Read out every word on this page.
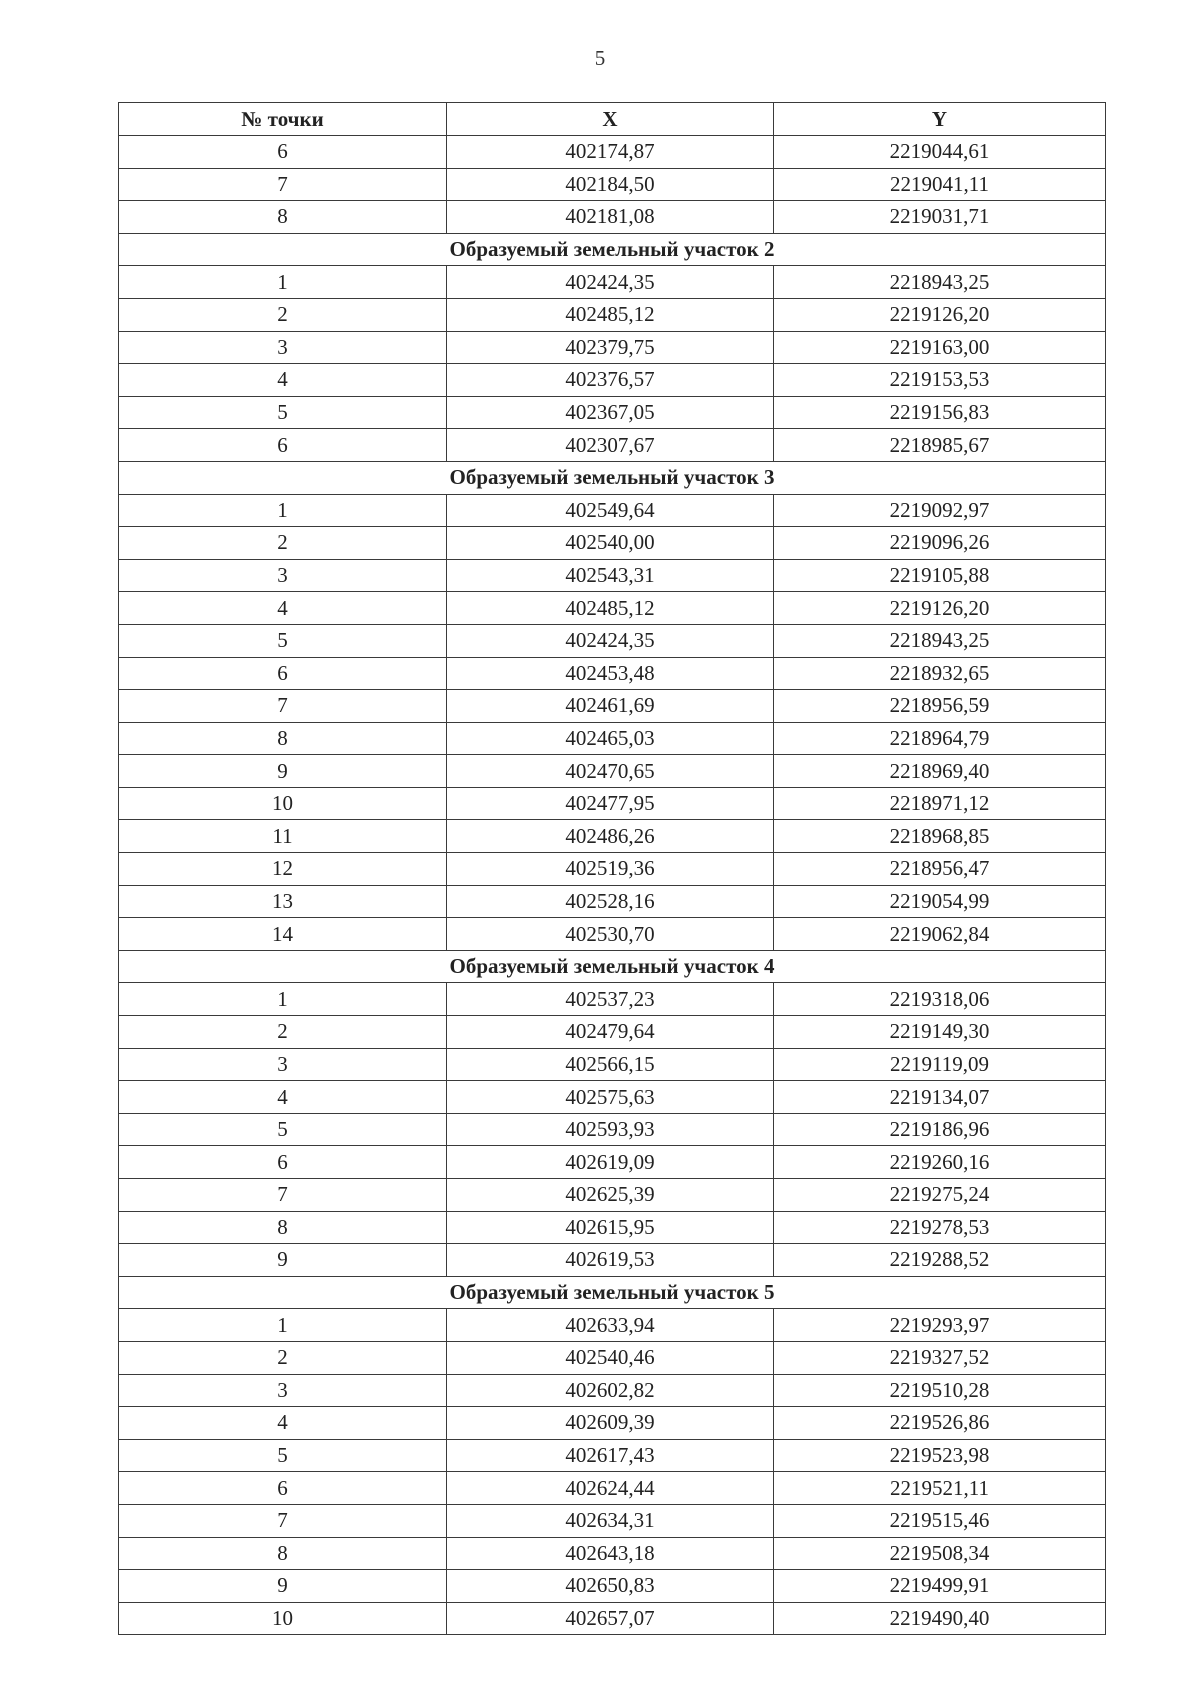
5
№ точки	X	Y
6	402174,87	2219044,61
7	402184,50	2219041,11
8	402181,08	2219031,71
Образуемый земельный участок 2		
1	402424,35	2218943,25
2	402485,12	2219126,20
3	402379,75	2219163,00
4	402376,57	2219153,53
5	402367,05	2219156,83
6	402307,67	2218985,67
Образуемый земельный участок 3		
1	402549,64	2219092,97
2	402540,00	2219096,26
3	402543,31	2219105,88
4	402485,12	2219126,20
5	402424,35	2218943,25
6	402453,48	2218932,65
7	402461,69	2218956,59
8	402465,03	2218964,79
9	402470,65	2218969,40
10	402477,95	2218971,12
11	402486,26	2218968,85
12	402519,36	2218956,47
13	402528,16	2219054,99
14	402530,70	2219062,84
Образуемый земельный участок 4		
1	402537,23	2219318,06
2	402479,64	2219149,30
3	402566,15	2219119,09
4	402575,63	2219134,07
5	402593,93	2219186,96
6	402619,09	2219260,16
7	402625,39	2219275,24
8	402615,95	2219278,53
9	402619,53	2219288,52
Образуемый земельный участок 5		
1	402633,94	2219293,97
2	402540,46	2219327,52
3	402602,82	2219510,28
4	402609,39	2219526,86
5	402617,43	2219523,98
6	402624,44	2219521,11
7	402634,31	2219515,46
8	402643,18	2219508,34
9	402650,83	2219499,91
10	402657,07	2219490,40
